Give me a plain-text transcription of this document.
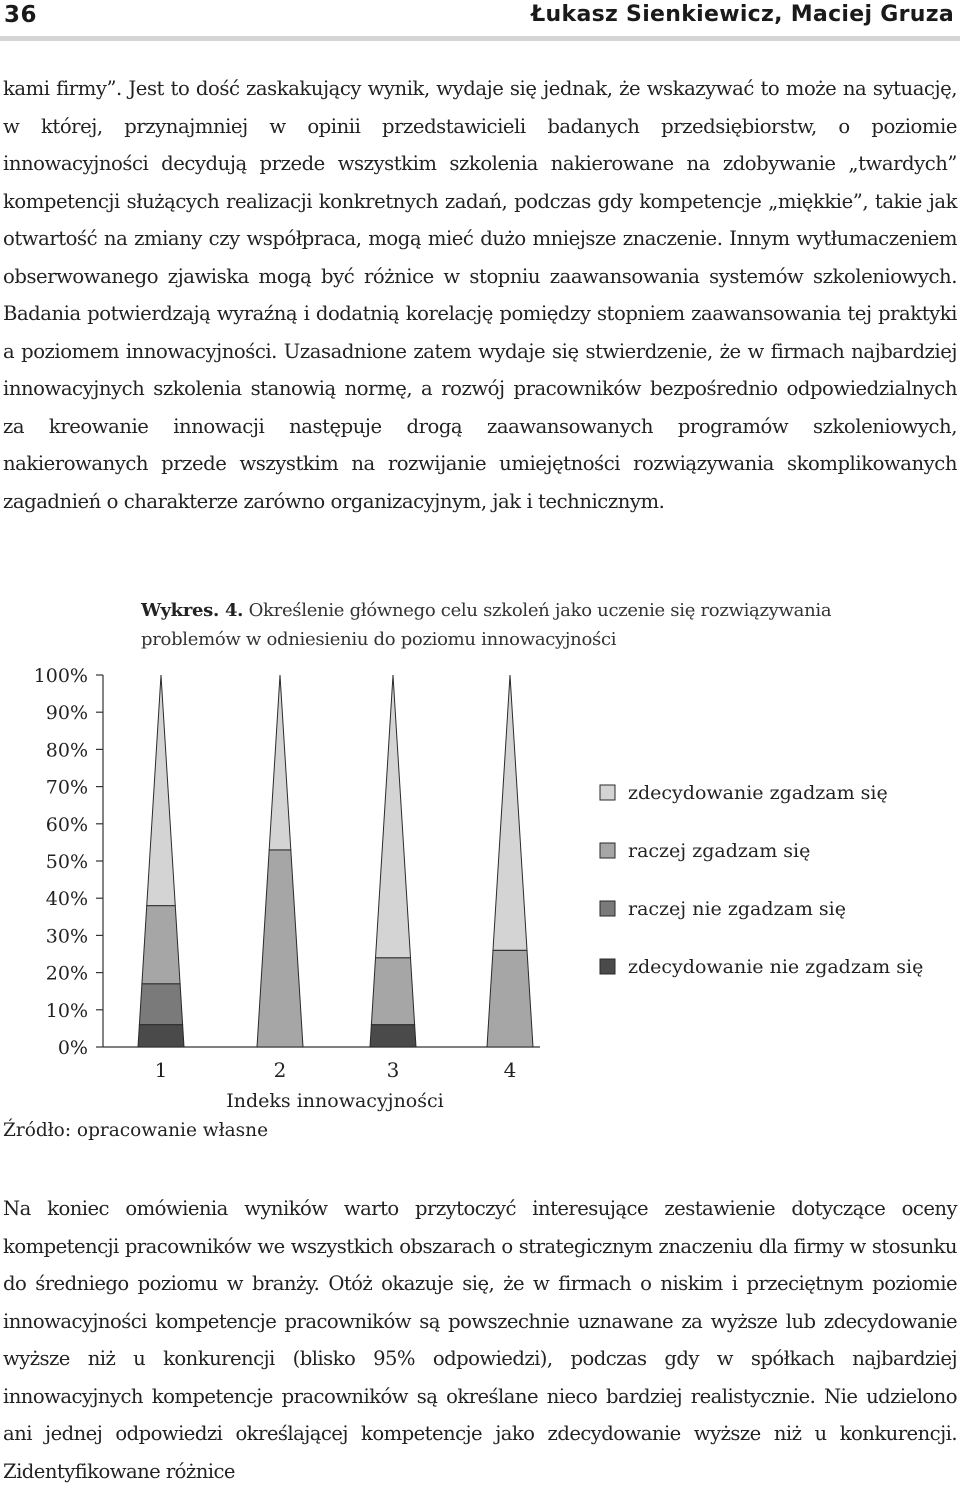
36	Łukasz Sienkiewicz, Maciej Gruza

kami firmy”. Jest to dość zaskakujący wynik, wydaje się jednak, że wskazywać to może na sytuację, w której, przynajmniej w opinii przedstawicieli badanych przedsiębiorstw, o poziomie innowacyjności decydują przede wszystkim szkolenia nakierowane na zdobywanie „twardych” kompetencji służących realizacji konkretnych zadań, podczas gdy kompetencje „miękkie”, takie jak otwartość na zmiany czy współpraca, mogą mieć dużo mniejsze znaczenie. Innym wytłumaczeniem obserwowanego zjawiska mogą być różnice w stopniu zaawansowania systemów szkoleniowych. Badania potwierdzają wyraźną i dodatnią korelację pomiędzy stopniem zaawansowania tej praktyki a poziomem innowacyjności. Uzasadnione zatem wydaje się stwierdzenie, że w firmach najbardziej innowacyjnych szkolenia stanowią normę, a rozwój pracowników bezpośrednio odpowiedzialnych za kreowanie innowacji następuje drogą zaawansowanych programów szkoleniowych, nakierowanych przede wszystkim na rozwijanie umiejętności rozwiązywania skomplikowanych zagadnień o charakterze zarówno organizacyjnym, jak i technicznym.

Wykres. 4. Określenie głównego celu szkoleń jako uczenie się rozwiązywania problemów w odniesieniu do poziomu innowacyjności

0%
10%
20%
30%
40%
50%
60%
70%
80%
90%
100%
1	2	3	4
Indeks innowacyjności
zdecydowanie zgadzam się
raczej zgadzam się
raczej nie zgadzam się
zdecydowanie nie zgadzam się

Źródło: opracowanie własne

Na koniec omówienia wyników warto przytoczyć interesujące zestawienie dotyczące oceny kompetencji pracowników we wszystkich obszarach o strategicznym znaczeniu dla firmy w stosunku do średniego poziomu w branży. Otóż okazuje się, że w firmach o niskim i przeciętnym poziomie innowacyjności kompetencje pracowników są powszechnie uznawane za wyższe lub zdecydowanie wyższe niż u konkurencji (blisko 95% odpowiedzi), podczas gdy w spółkach najbardziej innowacyjnych kompetencje pracowników są określane nieco bardziej realistycznie. Nie udzielono ani jednej odpowiedzi określającej kompetencje jako zdecydowanie wyższe niż u konkurencji. Zidentyfikowane różnice
